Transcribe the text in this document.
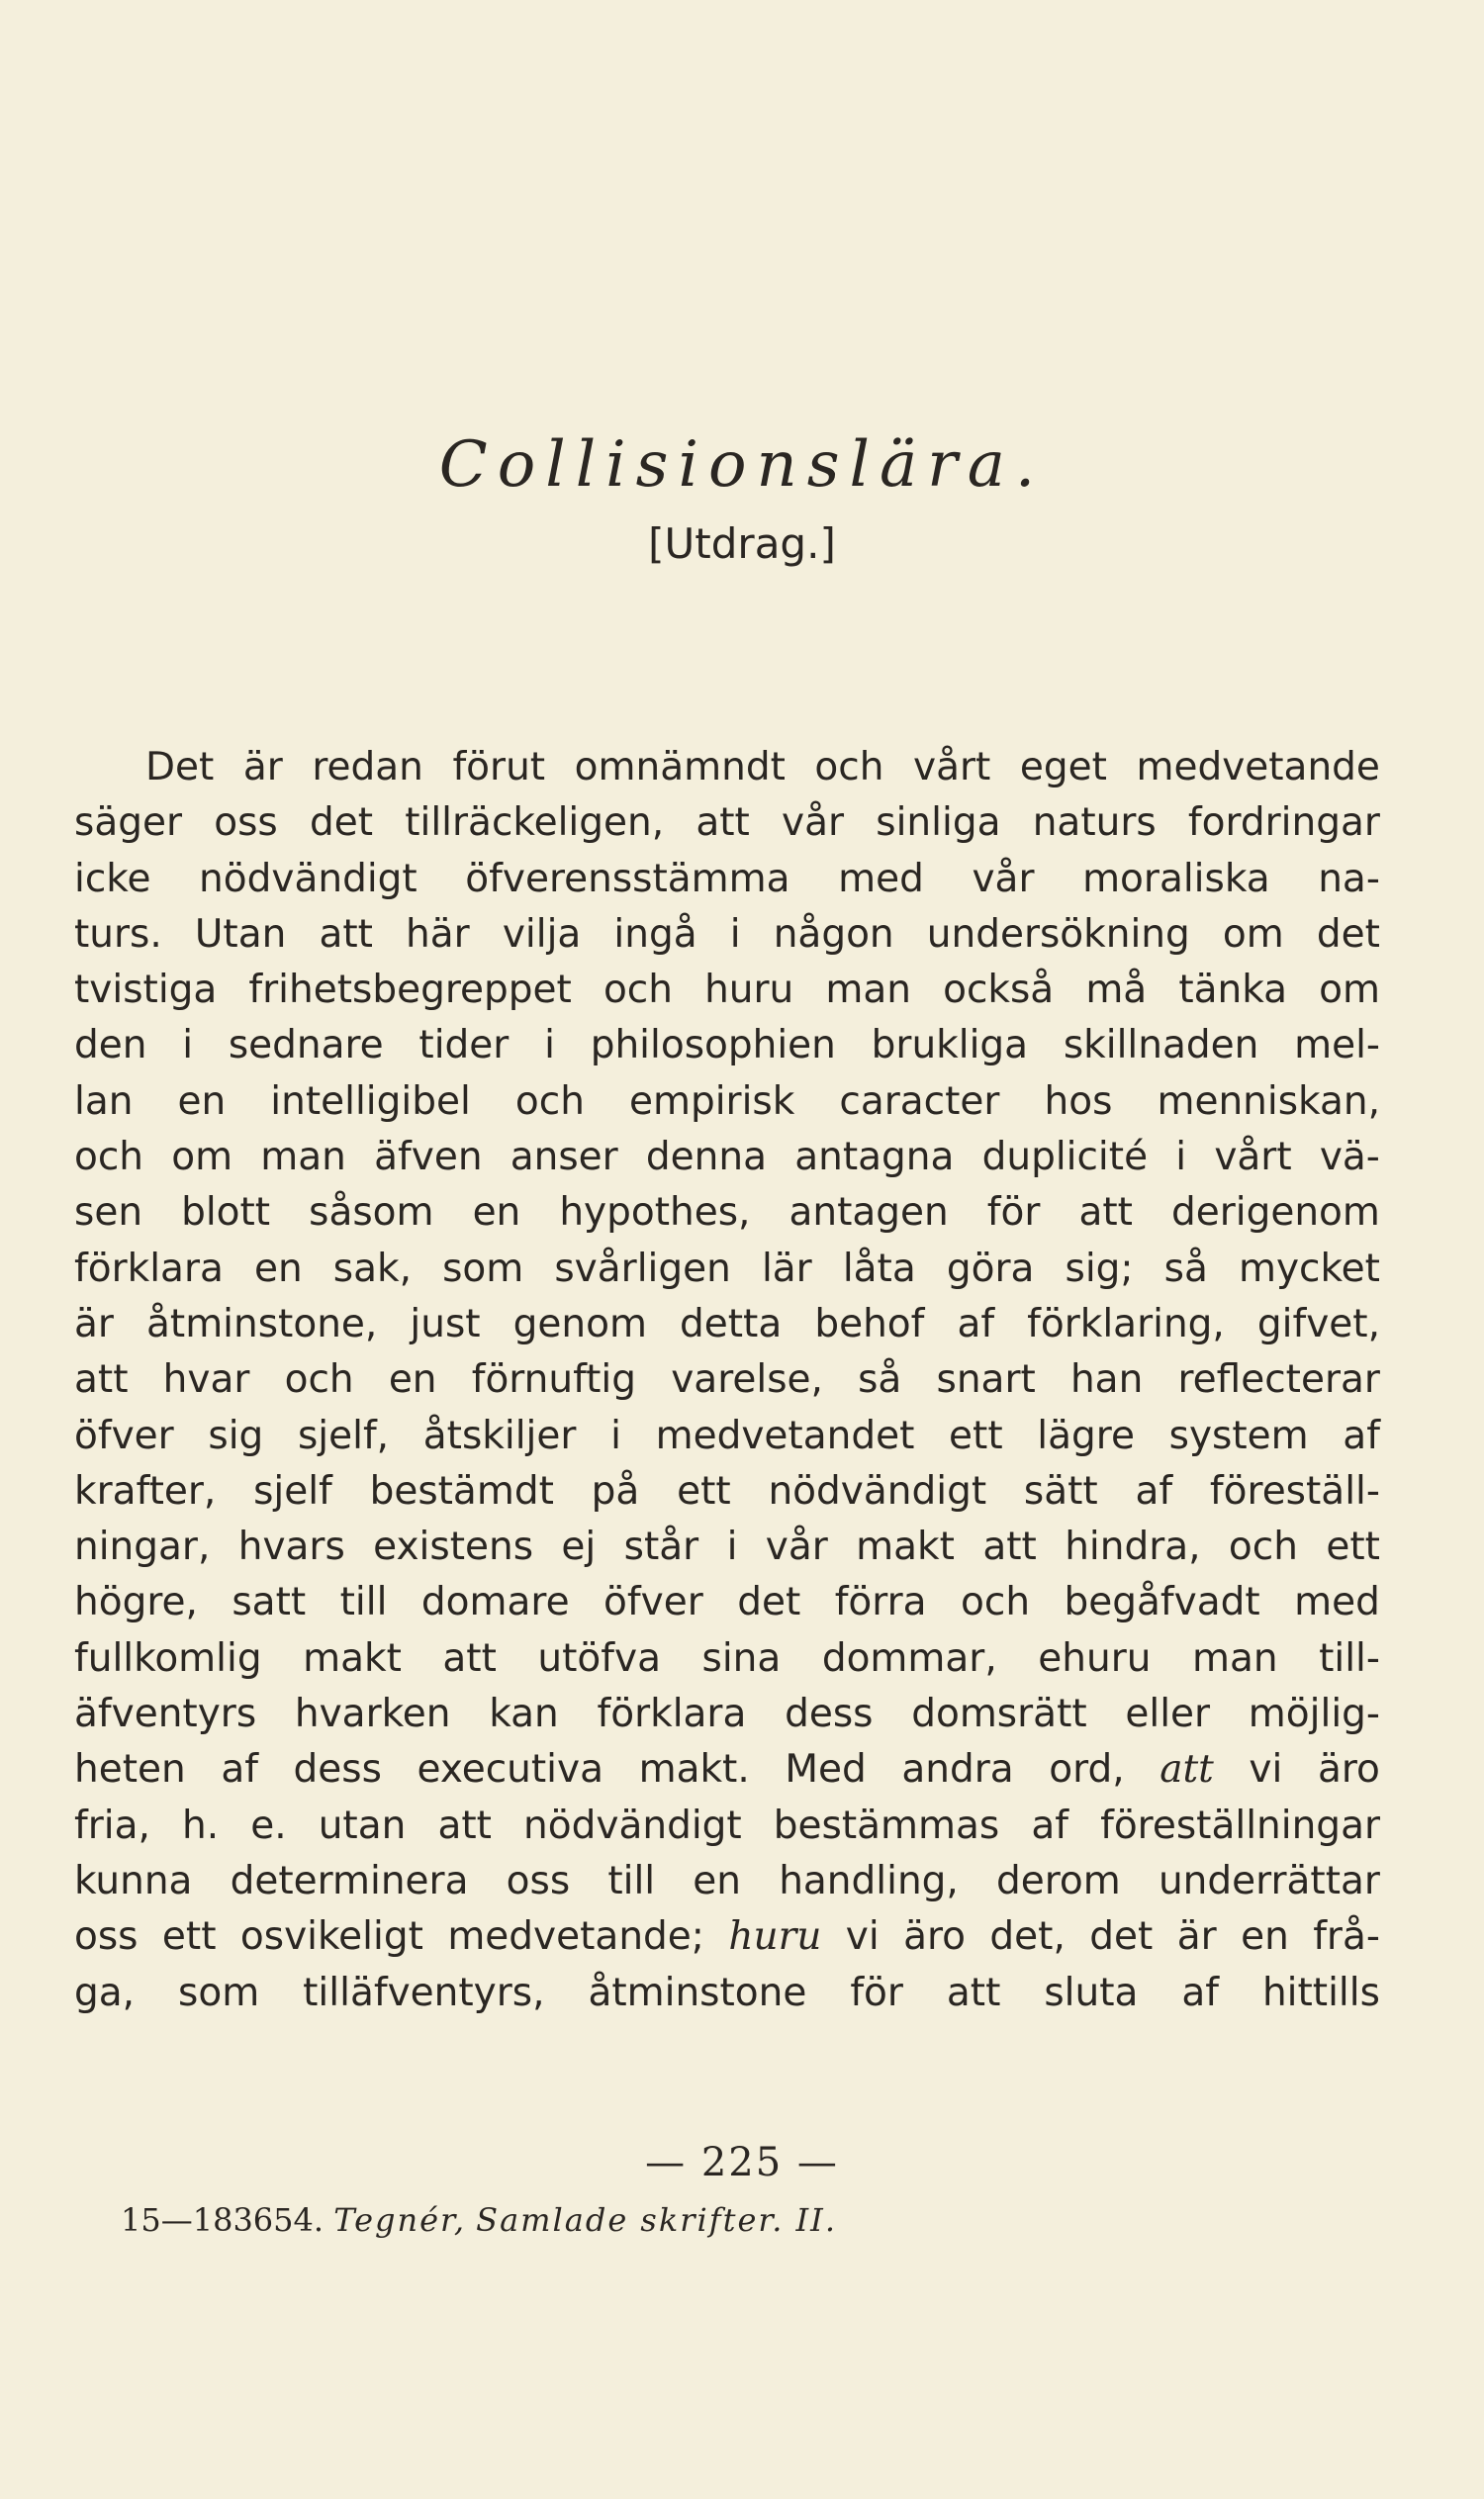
Collisionslära.
[Utdrag.]
Det är redan förut omnämndt och vårt eget medvetande
säger oss det tillräckeligen, att vår sinliga naturs fordringar
icke nödvändigt öfverensstämma med vår moraliska na-
turs. Utan att här vilja ingå i någon undersökning om det
tvistiga frihetsbegreppet och huru man också må tänka om
den i sednare tider i philosophien brukliga skillnaden mel-
lan en intelligibel och empirisk caracter hos menniskan,
och om man äfven anser denna antagna duplicité i vårt vä-
sen blott såsom en hypothes, antagen för att derigenom
förklara en sak, som svårligen lär låta göra sig; så mycket
är åtminstone, just genom detta behof af förklaring, gifvet,
att hvar och en förnuftig varelse, så snart han reflecterar
öfver sig sjelf, åtskiljer i medvetandet ett lägre system af
krafter, sjelf bestämdt på ett nödvändigt sätt af föreställ-
ningar, hvars existens ej står i vår makt att hindra, och ett
högre, satt till domare öfver det förra och begåfvadt med
fullkomlig makt att utöfva sina dommar, ehuru man till-
äfventyrs hvarken kan förklara dess domsrätt eller möjlig-
heten af dess executiva makt. Med andra ord, att vi äro
fria, h. e. utan att nödvändigt bestämmas af föreställningar
kunna determinera oss till en handling, derom underrättar
oss ett osvikeligt medvetande; huru vi äro det, det är en frå-
ga, som tilläfventyrs, åtminstone för att sluta af hittills
— 225 —
15—183654. Tegnér, Samlade skrifter. II.
